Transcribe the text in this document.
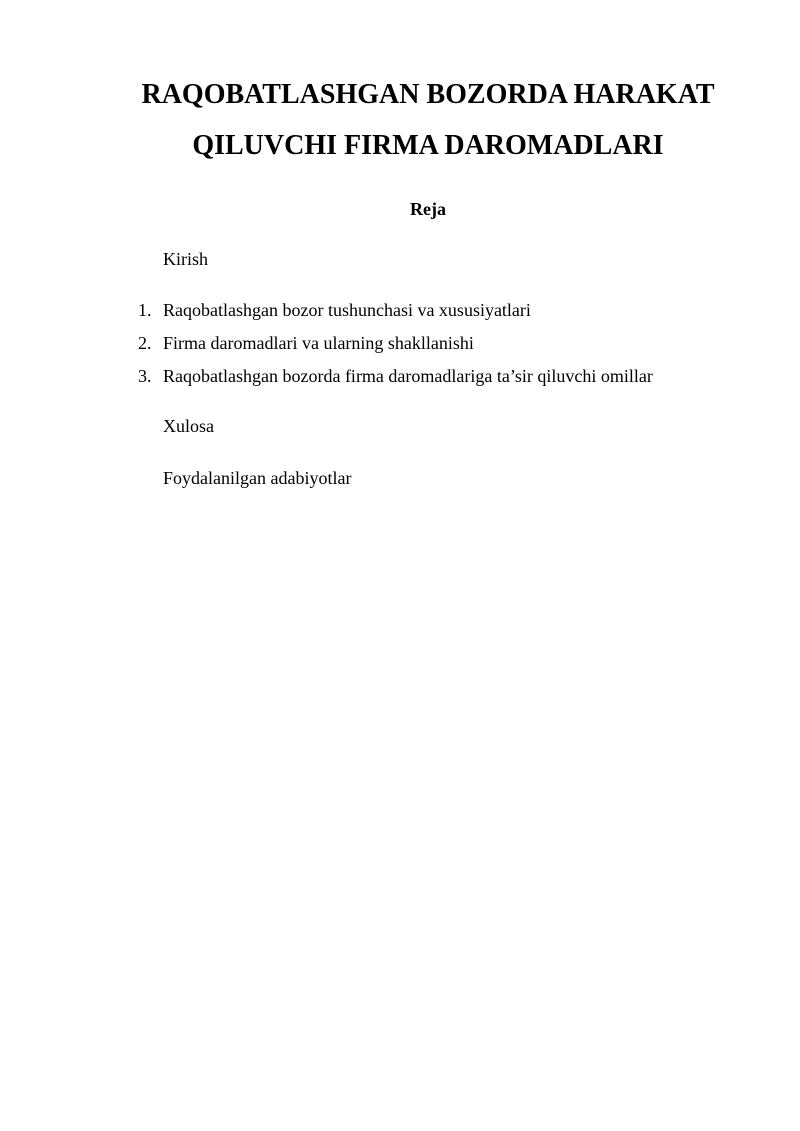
RAQOBATLASHGAN BOZORDA HARAKAT
QILUVCHI FIRMA DAROMADLARI
Reja

Kirish

1. Raqobatlashgan bozor tushunchasi va xususiyatlari
2. Firma daromadlari va ularning shakllanishi
3. Raqobatlashgan bozorda firma daromadlariga ta’sir qiluvchi omillar

Xulosa

Foydalanilgan adabiyotlar
